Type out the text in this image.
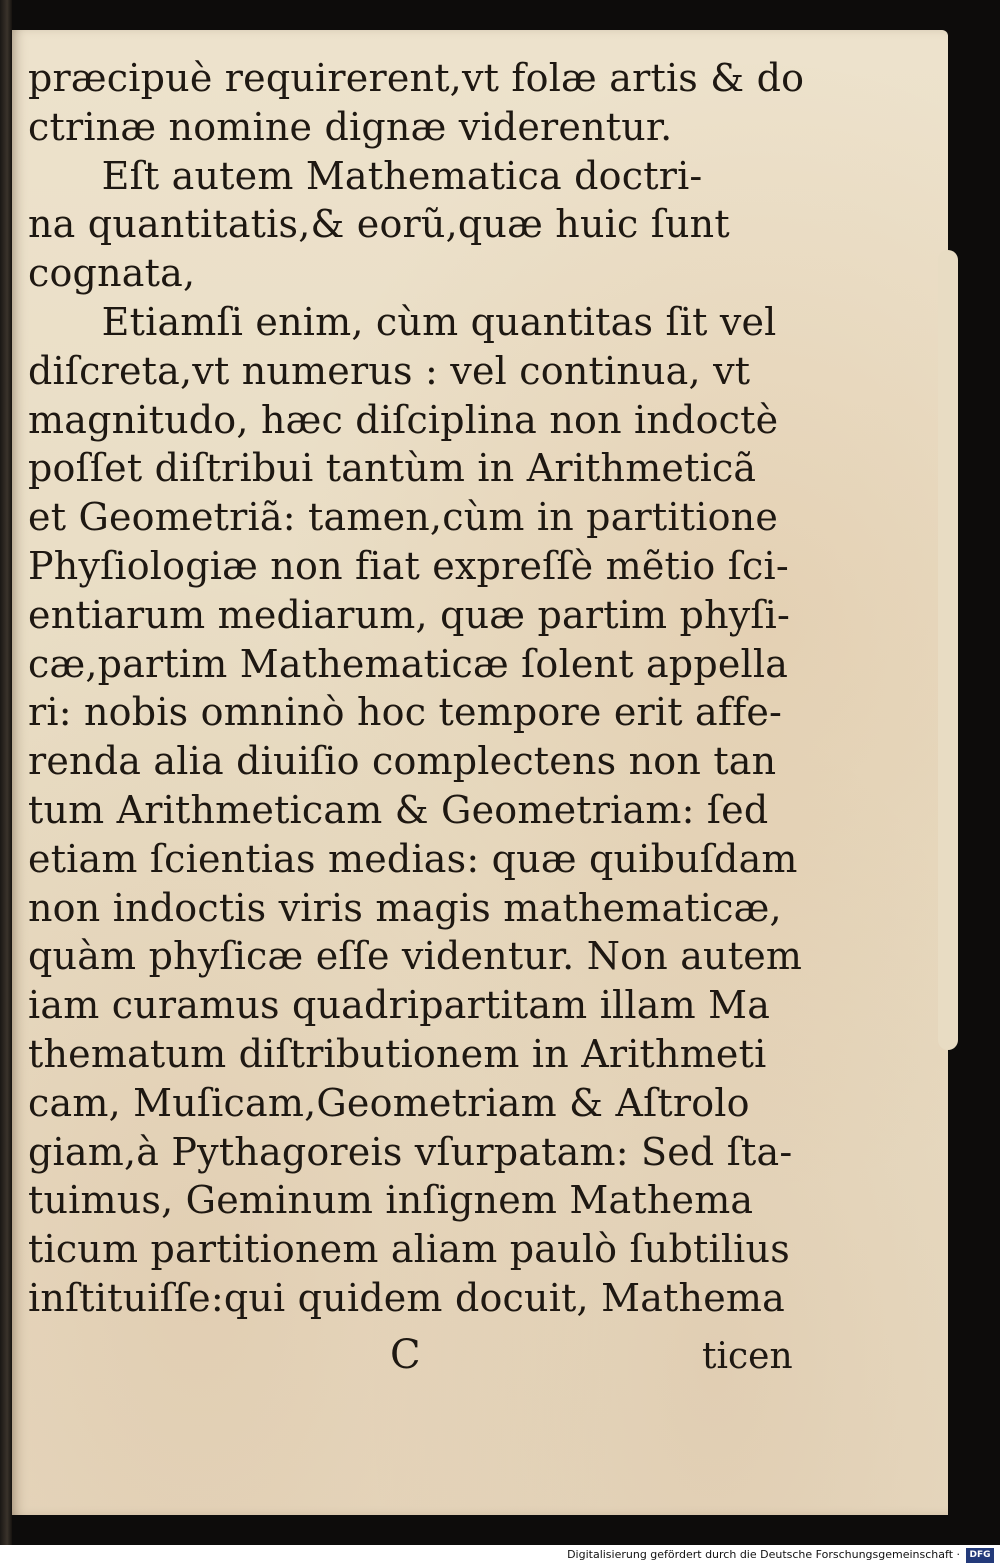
præcipuè requirerent,vt folæ artis & do
ctrinæ nomine dignæ viderentur.
Eſt autem Mathematica doctri-
na quantitatis,& eorũ,quæ huic ſunt
cognata,
Etiamſi enim, cùm quantitas ſit vel
diſcreta,vt numerus : vel continua, vt
magnitudo, hæc diſciplina non indoctè
poſſet diſtribui tantùm in Arithmeticã
et Geometriã: tamen,cùm in partitione
Phyſiologiæ non fiat expreſſè mẽtio ſci-
entiarum mediarum, quæ partim phyſi-
cæ,partim Mathematicæ ſolent appella
ri: nobis omninò hoc tempore erit affe-
renda alia diuiſio complectens non tan
tum Arithmeticam & Geometriam: ſed
etiam ſcientias medias: quæ quibuſdam
non indoctis viris magis mathematicæ,
quàm phyſicæ eſſe videntur. Non autem
iam curamus quadripartitam illam Ma
thematum diſtributionem in Arithmeti
cam, Muſicam,Geometriam & Aſtrolo
giam,à Pythagoreis vſurpatam: Sed ſta-
tuimus, Geminum inſignem Mathema
ticum partitionem aliam paulò ſubtilius
inſtituiſſe:qui quidem docuit, Mathema
C	ticen
Digitalisierung gefördert durch die Deutsche Forschungsgemeinschaft ·	DFG
